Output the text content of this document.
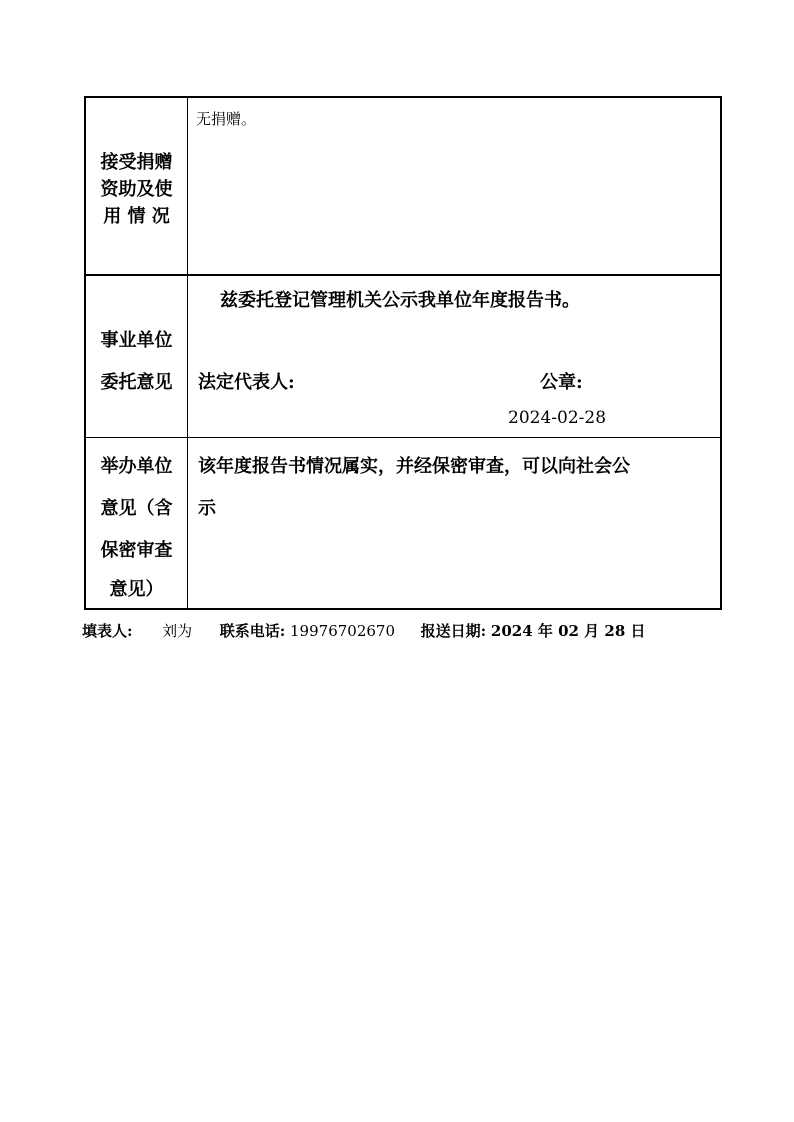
接受捐赠
资助及使
用 情 况
无捐赠。
事业单位
委托意见
兹委托登记管理机关公示我单位年度报告书。
法定代表人:	公章:
2024-02-28
举办单位
意见（含
保密审查
意见）
该年度报告书情况属实，并经保密审查，可以向社会公
示
填表人: 刘为 联系电话: 19976702670 报送日期: 2024 年 02 月 28 日
